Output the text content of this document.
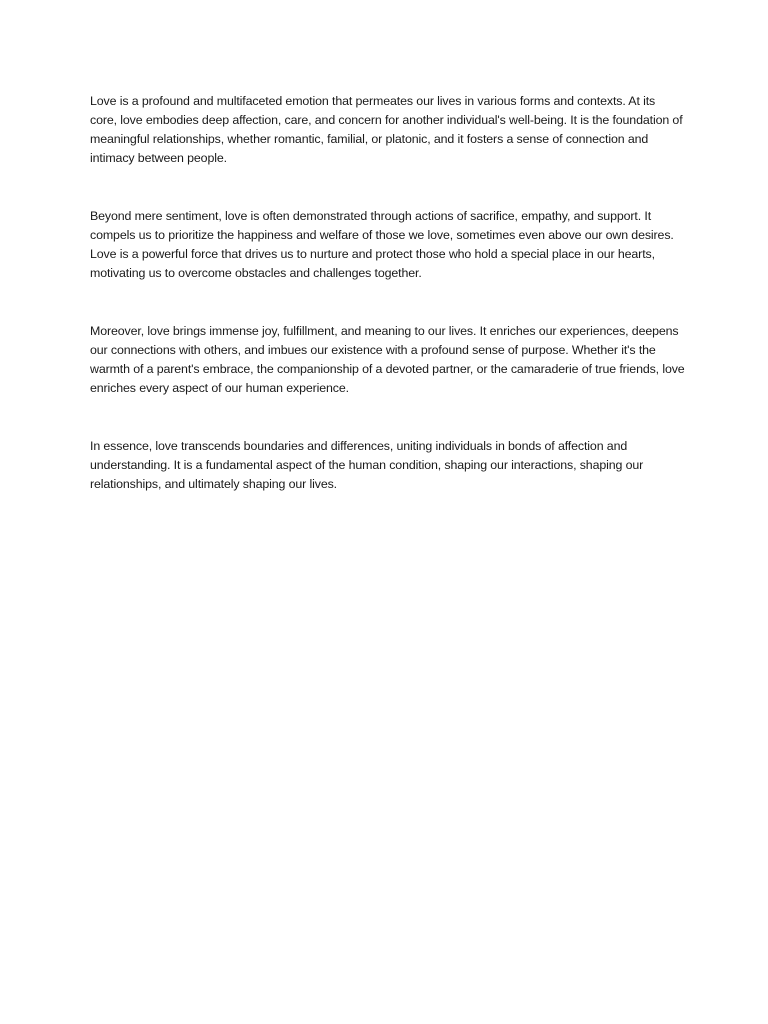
Love is a profound and multifaceted emotion that permeates our lives in various forms and contexts. At its core, love embodies deep affection, care, and concern for another individual's well-being. It is the foundation of meaningful relationships, whether romantic, familial, or platonic, and it fosters a sense of connection and intimacy between people.

Beyond mere sentiment, love is often demonstrated through actions of sacrifice, empathy, and support. It compels us to prioritize the happiness and welfare of those we love, sometimes even above our own desires. Love is a powerful force that drives us to nurture and protect those who hold a special place in our hearts, motivating us to overcome obstacles and challenges together.

Moreover, love brings immense joy, fulfillment, and meaning to our lives. It enriches our experiences, deepens our connections with others, and imbues our existence with a profound sense of purpose. Whether it's the warmth of a parent's embrace, the companionship of a devoted partner, or the camaraderie of true friends, love enriches every aspect of our human experience.

In essence, love transcends boundaries and differences, uniting individuals in bonds of affection and understanding. It is a fundamental aspect of the human condition, shaping our interactions, shaping our relationships, and ultimately shaping our lives.
